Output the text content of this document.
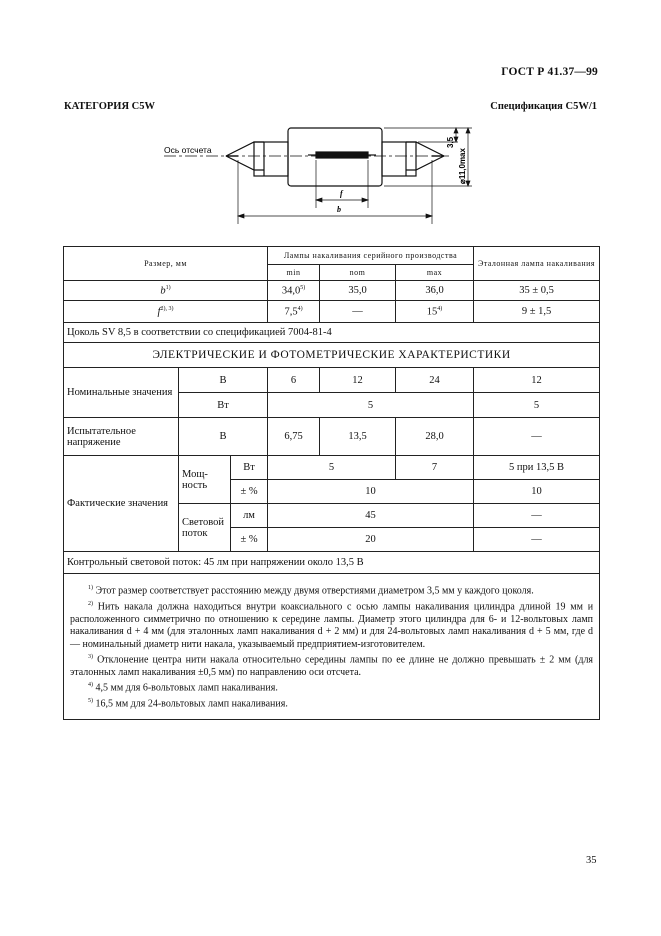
ГОСТ Р 41.37—99
КАТЕГОРИЯ C5W	Спецификация C5W/1
Ось отсчета
f
b
3,5
⌀11,0max
Размер, мм			Лампы накаливания серийного производства			Эталонная лампа накаливания
			min	nom	max	
$b^{1)}$			34,0$^{5)}$	35,0	36,0	35 ± 0,5
$f^{2), 3)}$			7,5$^{4)}$	—	15$^{4)}$	9 ± 1,5
Цоколь SV 8,5 в соответствии со спецификацией 7004-81-4						
ЭЛЕКТРИЧЕСКИЕ И ФОТОМЕТРИЧЕСКИЕ ХАРАКТЕРИСТИКИ						
Номинальные значения	В		6	12	24	12
	Вт		5			5
Испытательное напряжение	В		6,75	13,5	28,0	—
Фактические значения	Мощ-ность	Вт	5		7	5 при 13,5 В
		± %	10			10
	Световой поток	лм	45			—
		± %	20			—
Контрольный световой поток: 45 лм при напряжении около 13,5 В						

$^{1)}$ Этот размер соответствует расстоянию между двумя отверстиями диаметром 3,5 мм у каждого цоколя.

$^{2)}$ Нить накала должна находиться внутри коаксиального с осью лампы накаливания цилиндра длиной 19 мм и расположенного симметрично по отношению к середине лампы. Диаметр этого цилиндра для 6- и 12-вольтовых ламп накаливания d + 4 мм (для эталонных ламп накаливания d + 2 мм) и для 24-вольтовых ламп накаливания d + 5 мм, где d — номинальный диаметр нити накала, указываемый предприятием-изготовителем.

$^{3)}$ Отклонение центра нити накала относительно середины лампы по ее длине не должно превышать ± 2 мм (для эталонных ламп накаливания ±0,5 мм) по направлению оси отсчета.

$^{4)}$ 4,5 мм для 6-вольтовых ламп накаливания.

$^{5)}$ 16,5 мм для 24-вольтовых ламп накаливания.						

35
